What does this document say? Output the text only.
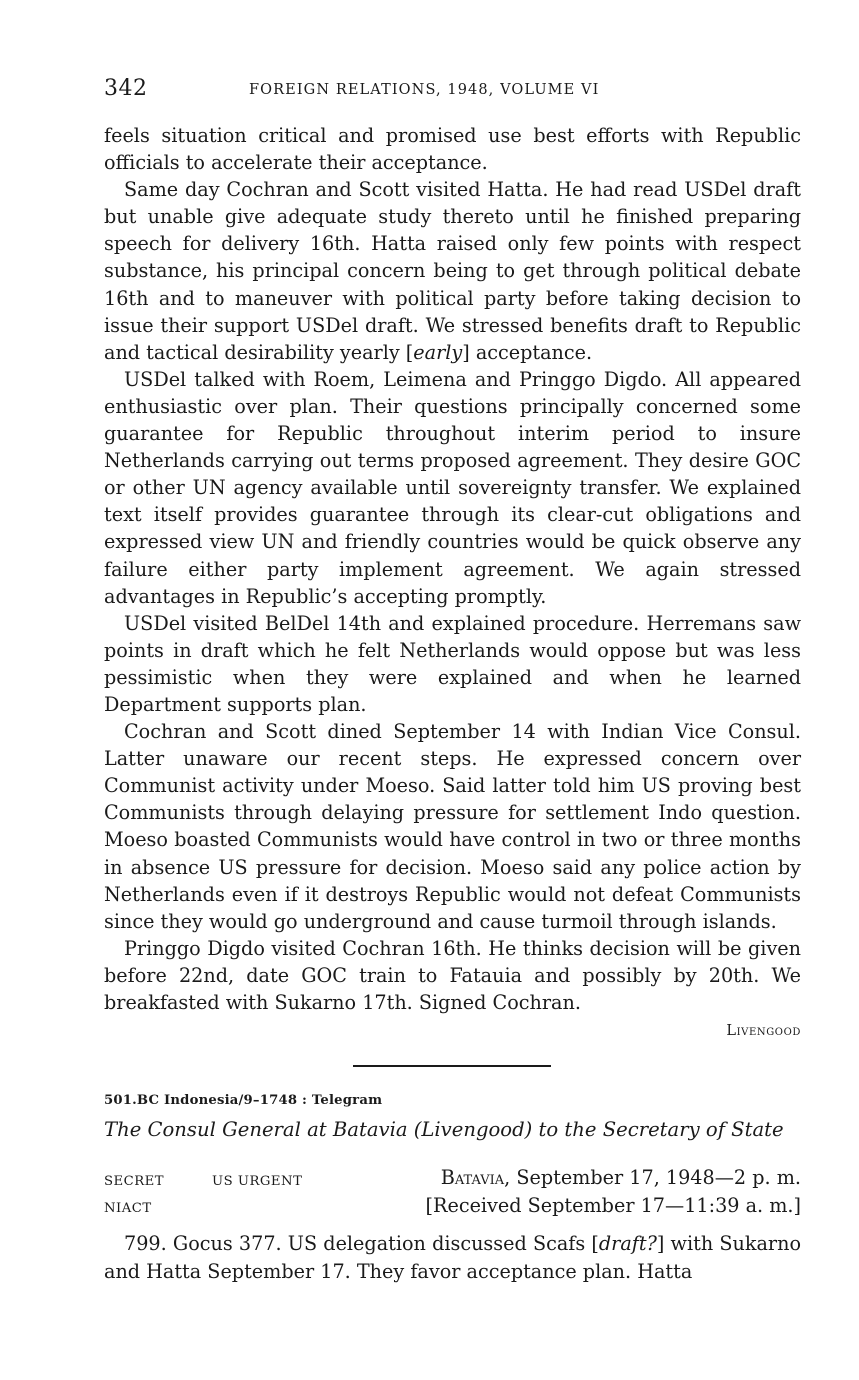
342	FOREIGN RELATIONS, 1948, VOLUME VI

feels situation critical and promised use best efforts with Republic officials to accelerate their acceptance.

Same day Cochran and Scott visited Hatta. He had read USDel draft but unable give adequate study thereto until he finished preparing speech for delivery 16th. Hatta raised only few points with respect substance, his principal concern being to get through political debate 16th and to maneuver with political party before taking decision to issue their support USDel draft. We stressed benefits draft to Republic and tactical desirability yearly [early] acceptance.

USDel talked with Roem, Leimena and Pringgo Digdo. All appeared enthusiastic over plan. Their questions principally concerned some guarantee for Republic throughout interim period to insure Netherlands carrying out terms proposed agreement. They desire GOC or other UN agency available until sovereignty transfer. We explained text itself provides guarantee through its clear-cut obligations and expressed view UN and friendly countries would be quick observe any failure either party implement agreement. We again stressed advantages in Republic’s accepting promptly.

USDel visited BelDel 14th and explained procedure. Herremans saw points in draft which he felt Netherlands would oppose but was less pessimistic when they were explained and when he learned Department supports plan.

Cochran and Scott dined September 14 with Indian Vice Consul. Latter unaware our recent steps. He expressed concern over Communist activity under Moeso. Said latter told him US proving best Communists through delaying pressure for settlement Indo question. Moeso boasted Communists would have control in two or three months in absence US pressure for decision. Moeso said any police action by Netherlands even if it destroys Republic would not defeat Communists since they would go underground and cause turmoil through islands.

Pringgo Digdo visited Cochran 16th. He thinks decision will be given before 22nd, date GOC train to Fatauia and possibly by 20th. We breakfasted with Sukarno 17th. Signed Cochran.

Livengood
501.BC Indonesia/9–1748 : Telegram
The Consul General at Batavia (Livengood) to the Secretary of State
SECRET	US URGENT
NIACT
Batavia, September 17, 1948—2 p. m.
[Received September 17—11:39 a. m.]

799. Gocus 377. US delegation discussed Scafs [draft?] with Sukarno and Hatta September 17. They favor acceptance plan. Hatta
